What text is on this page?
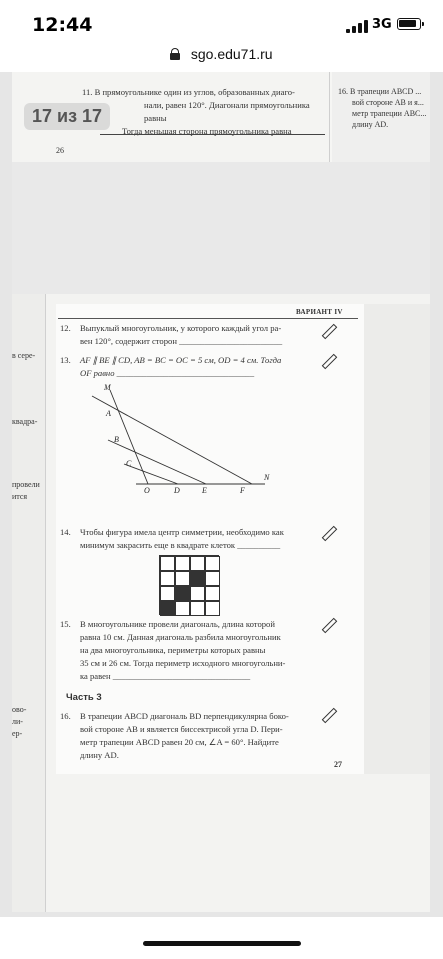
12:44	3G
sgo.edu71.ru
11. В прямоугольнике один из углов, образованных диаго-
нали, равен 120°. Диагонали прямоугольника равны
Тогда меньшая сторона прямоугольника равна ___
26
16. В трапеции ABCD ...
вой стороне AB и я...
метр трапеции ABC...
длину AD.
17 из 17
в сере-
квадра-
провели
ится
ово-
ли-
ер-
ВАРИАНТ IV
12. Выпуклый многоугольник, у которого каждый угол ра-
вен 120°, содержит сторон ________________________
13. AF ∥ BE ∥ CD, AB = BC = OC = 5 см, OD = 4 см. Тогда
OF равно ________________________________
M
A
B
C
O	D	E	F
N
14. Чтобы фигура имела центр симметрии, необходимо как
минимум закрасить еще в квадрате клеток __________
15. В многоугольнике провели диагональ, длина которой
равна 10 см. Данная диагональ разбила многоугольник
на два многоугольника, периметры которых равны
35 см и 26 см. Тогда периметр исходного многоугольни-
ка равен ________________________________
Часть 3
16. В трапеции ABCD диагональ BD перпендикулярна боко-
вой стороне AB и является биссектрисой угла D. Пери-
метр трапеции ABCD равен 20 см, ∠A = 60°. Найдите
длину AD.
27
